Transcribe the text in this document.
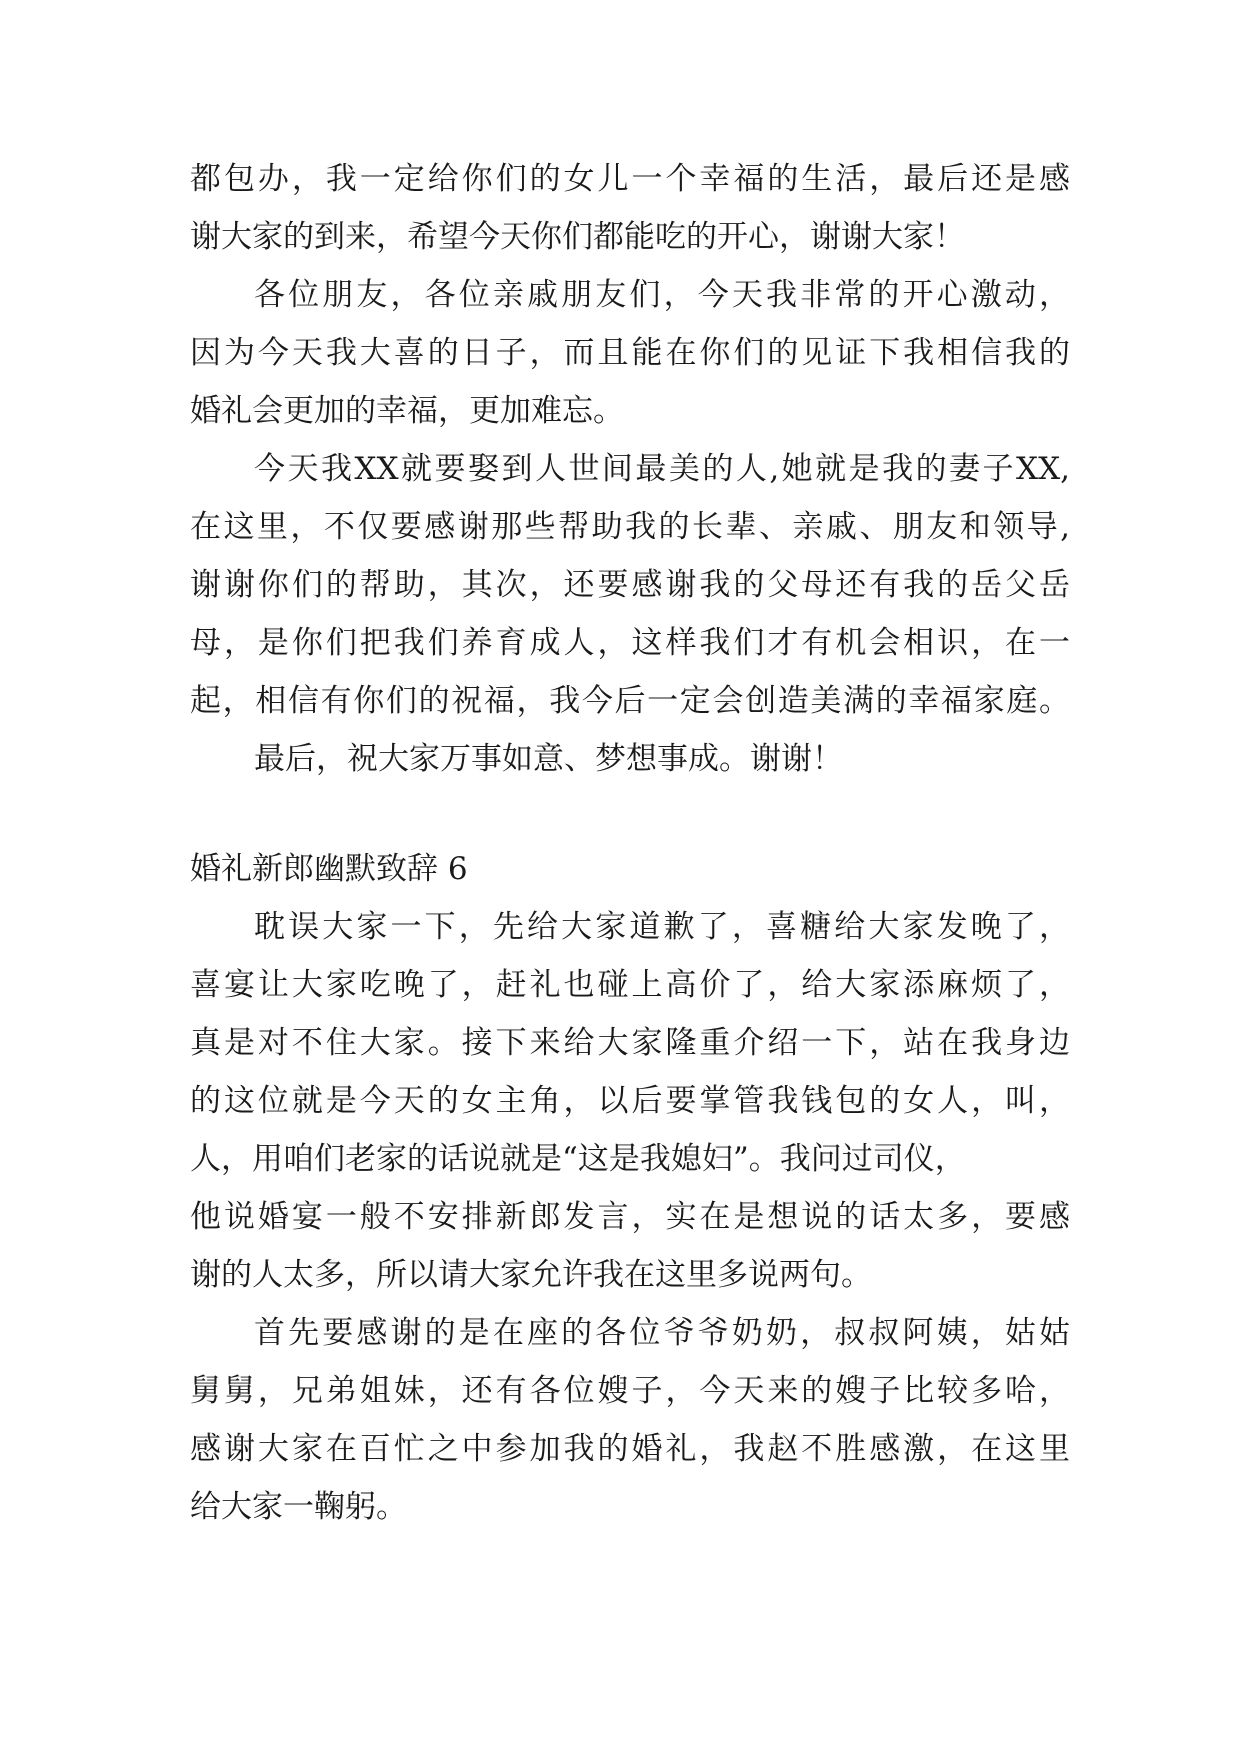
都包办，我一定给你们的女儿一个幸福的生活，最后还是感
谢大家的到来，希望今天你们都能吃的开心，谢谢大家！
各位朋友，各位亲戚朋友们，今天我非常的开心激动，
因为今天我大喜的日子，而且能在你们的见证下我相信我的
婚礼会更加的幸福，更加难忘。
今天我XX就要娶到人世间最美的人,她就是我的妻子XX,
在这里，不仅要感谢那些帮助我的长辈、亲戚、朋友和领导,
谢谢你们的帮助，其次，还要感谢我的父母还有我的岳父岳
母，是你们把我们养育成人，这样我们才有机会相识，在一
起，相信有你们的祝福，我今后一定会创造美满的幸福家庭。
最后，祝大家万事如意、梦想事成。谢谢！
婚礼新郎幽默致辞 6
耽误大家一下，先给大家道歉了，喜糖给大家发晚了，
喜宴让大家吃晚了，赶礼也碰上高价了，给大家添麻烦了，
真是对不住大家。接下来给大家隆重介绍一下，站在我身边
的这位就是今天的女主角，以后要掌管我钱包的女人，叫，
人，用咱们老家的话说就是“这是我媳妇”。我问过司仪，
他说婚宴一般不安排新郎发言，实在是想说的话太多，要感
谢的人太多，所以请大家允许我在这里多说两句。
首先要感谢的是在座的各位爷爷奶奶，叔叔阿姨，姑姑
舅舅，兄弟姐妹，还有各位嫂子，今天来的嫂子比较多哈，
感谢大家在百忙之中参加我的婚礼，我赵不胜感激，在这里
给大家一鞠躬。
